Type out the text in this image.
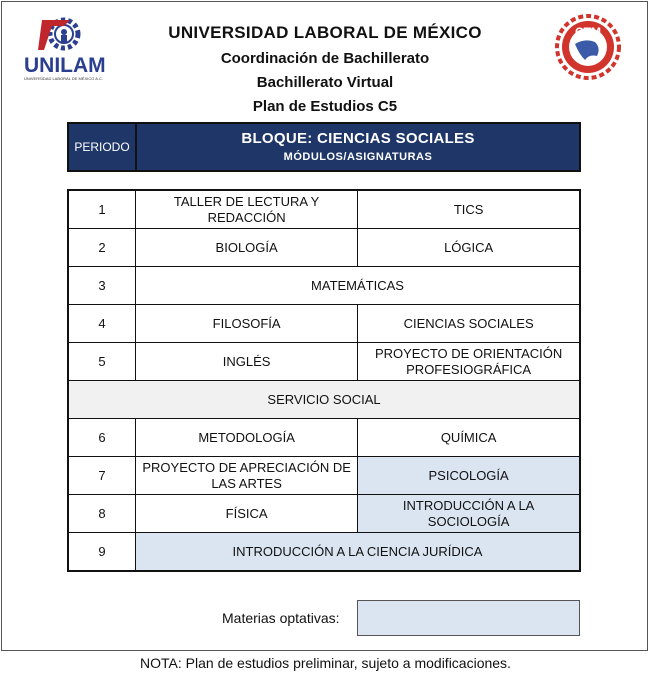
UNILAM
UNIVERSIDAD LABORAL DE MÉXICO A.C.
UNIVERSIDAD LABORAL DE MÉXICO
Coordinación de Bachillerato
Bachillerato Virtual
Plan de Estudios C5
CTM
PERIODO	BLOQUE: CIENCIAS SOCIALES
MÓDULOS/ASIGNATURAS
1	TALLER DE LECTURA Y REDACCIÓN	TICS
2	BIOLOGÍA	LÓGICA
3	MATEMÁTICAS	
4	FILOSOFÍA	CIENCIAS SOCIALES
5	INGLÉS	PROYECTO DE ORIENTACIÓN PROFESIOGRÁFICA
SERVICIO SOCIAL		
6	METODOLOGÍA	QUÍMICA
7	PROYECTO DE APRECIACIÓN DE LAS ARTES	PSICOLOGÍA
8	FÍSICA	INTRODUCCIÓN A LA SOCIOLOGÍA
9	INTRODUCCIÓN A LA CIENCIA JURÍDICA	
Materias optativas:
NOTA: Plan de estudios preliminar, sujeto a modificaciones.
